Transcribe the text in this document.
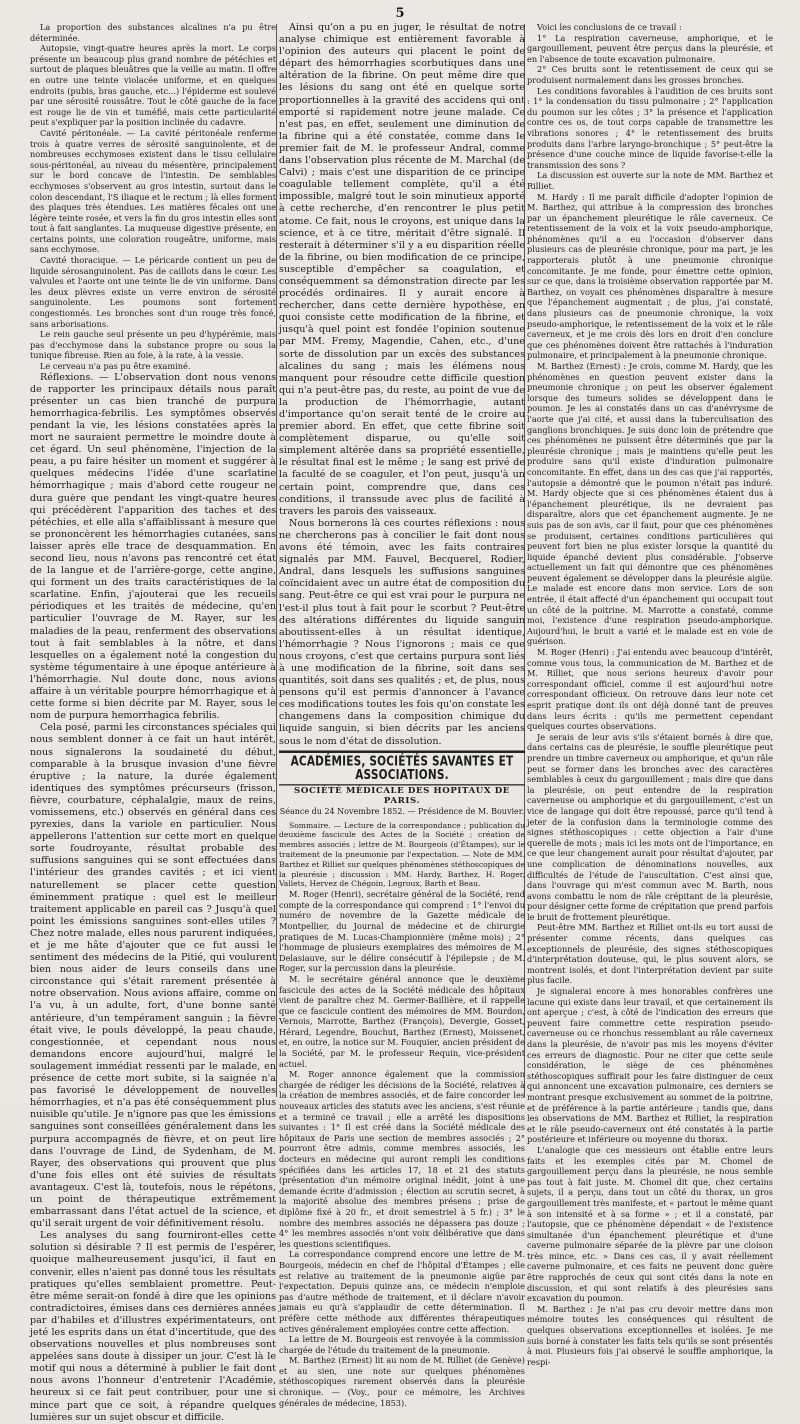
5

La proportion des substances alcalines n'a pu être déterminée.

Autopsie, vingt-quatre heures après la mort. Le corps présente un beaucoup plus grand nombre de pétéchies et surtout de plaques bleuâtres que la veille au matin. Il offre en outre une teinte violacée uniforme, et en quelques endroits (pubis, bras gauche, etc...) l'épiderme est soulevé par une sérosité roussâtre. Tout le côté gauche de la face est rouge lie de vin et tuméfié, mais cette particularité peut s'expliquer par la position inclinée du cadavre.

Cavité péritonéale. — La cavité péritonéale renferme trois à quatre verres de sérosité sanguinolente, et de nombreuses ecchymoses existent dans le tissu cellulaire sous-péritonéal, au niveau du mésentère, principalement sur le bord concave de l'intestin. De semblables ecchymoses s'observent au gros intestin, surtout dans le colon descendant, l'S iliaque et le rectum ; là elles forment des plaques très étendues. Les matières fécales ont une légère teinte rosée, et vers la fin du gros intestin elles sont tout à fait sanglantes. La muqueuse digestive présente, en certains points, une coloration rougeâtre, uniforme, mais sans ecchymose.

Cavité thoracique. — Le péricarde contient un peu de liquide sérosanguinolent. Pas de caillots dans le cœur. Les valvules et l'aorte ont une teinte lie de vin uniforme. Dans les deux plèvres existe un verre environ de sérosité sanguinolente. Les poumons sont fortement congestionnés. Les bronches sont d'un rouge très foncé, sans arborisations.

Le rein gauche seul présente un peu d'hypérémie, mais pas d'ecchymose dans la substance propre ou sous la tunique fibreuse. Rien au foie, à la rate, à la vessie.

Le cerveau n'a pas pu être examiné.

Réflexions. — L'observation dont nous venons de rapporter les principaux détails nous paraît présenter un cas bien tranché de purpura hemorrhagica-febrilis. Les symptômes observés pendant la vie, les lésions constatées après la mort ne sauraient permettre le moindre doute à cet égard. Un seul phénomène, l'injection de la peau, a pu faire hésiter un moment et suggérer à quelques médecins l'idée d'une scarlatine hémorrhagique ; mais d'abord cette rougeur ne dura guère que pendant les vingt-quatre heures qui précédèrent l'apparition des taches et des pétéchies, et elle alla s'affaiblissant à mesure que se prononcèrent les hémorrhagies cutanées, sans laisser après elle trace de desquammation. En second lieu, nous n'avons pas rencontré cet état de la langue et de l'arrière-gorge, cette angine, qui forment un des traits caractéristiques de la scarlatine. Enfin, j'ajouterai que les recueils périodiques et les traités de médecine, qu'en particulier l'ouvrage de M. Rayer, sur les maladies de la peau, renferment des observations tout à fait semblables à la nôtre, et dans lesquelles on a également noté la congestion du système tégumentaire à une époque antérieure à l'hémorrhagie. Nul doute donc, nous avions affaire à un véritable pourpre hémorrhagique et à cette forme si bien décrite par M. Rayer, sous le nom de purpura hemorrhagica febrilis.

Cela posé, parmi les circonstances spéciales qui nous semblent donner à ce fait un haut intérêt, nous signalerons la soudaineté du début, comparable à la brusque invasion d'une fièvre éruptive ; la nature, la durée également identiques des symptômes précurseurs (frisson, fièvre, courbature, céphalalgie, maux de reins, vomissemens, etc.) observés en général dans ces pyrexies, dans la variole en particulier. Nous appellerons l'attention sur cette mort en quelque sorte foudroyante, résultat probable des suffusions sanguines qui se sont effectuées dans l'intérieur des grandes cavités ; et ici vient naturellement se placer cette question éminemment pratique : quel est le meilleur traitement applicable en pareil cas ? Jusqu'à quel point les émissions sanguines sont-elles utiles ? Chez notre malade, elles nous parurent indiquées, et je me hâte d'ajouter que ce fut aussi le sentiment des médecins de la Pitié, qui voulurent bien nous aider de leurs conseils dans une circonstance qui s'était rarement présentée à notre observation. Nous avions affaire, comme on l'a vu, à un adulte, fort, d'une bonne santé antérieure, d'un tempérament sanguin ; la fièvre était vive, le pouls développé, la peau chaude, congestionnée, et cependant nous nous demandons encore aujourd'hui, malgré le soulagement immédiat ressenti par le malade, en présence de cette mort subite, si la saignée n'a pas favorisé le développement de nouvelles hémorrhagies, et n'a pas été conséquemment plus nuisible qu'utile. Je n'ignore pas que les émissions sanguines sont conseillées généralement dans les purpura accompagnés de fièvre, et on peut lire dans l'ouvrage de Lind, de Sydenham, de M. Rayer, des observations qui prouvent que plus d'une fois elles ont été suivies de résultats avantageux. C'est là, toutefois, nous le répétons, un point de thérapeutique extrêmement embarrassant dans l'état actuel de la science, et qu'il serait urgent de voir définitivement résolu.

Les analyses du sang fourniront-elles cette solution si désirable ? Il est permis de l'espérer, quoique malheureusement jusqu'ici, il faut en convenir, elles n'aient pas donné tous les résultats pratiques qu'elles semblaient promettre. Peut-être même serait-on fondé à dire que les opinions contradictoires, émises dans ces dernières années par d'habiles et d'illustres expérimentateurs, ont jeté les esprits dans un état d'incertitude, que des observations nouvelles et plus nombreuses sont appelées sans doute à dissiper un jour. C'est là le motif qui nous a déterminé à publier le fait dont nous avons l'honneur d'entretenir l'Académie, heureux si ce fait peut contribuer, pour une si mince part que ce soit, à répandre quelques lumières sur un sujet obscur et difficile.

Ainsi qu'on a pu en juger, le résultat de notre analyse chimique est entièrement favorable à l'opinion des auteurs qui placent le point de départ des hémorrhagies scorbutiques dans une altération de la fibrine. On peut même dire que les lésions du sang ont été en quelque sorte proportionnelles à la gravité des accidens qui ont emporté si rapidement notre jeune malade. Ce n'est pas, en effet, seulement une diminution de la fibrine qui a été constatée, comme dans le premier fait de M. le professeur Andral, comme dans l'observation plus récente de M. Marchal (de Calvi) ; mais c'est une disparition de ce principe coagulable tellement complète, qu'il a été impossible, malgré tout le soin minutieux apporté à cette recherche, d'en rencontrer le plus petit atome. Ce fait, nous le croyons, est unique dans la science, et à ce titre, méritait d'être signalé. Il resterait à déterminer s'il y a eu disparition réelle de la fibrine, ou bien modification de ce principe, susceptible d'empêcher sa coagulation, et conséquemment sa démonstration directe par les procédés ordinaires. Il y aurait encore à rechercher, dans cette dernière hypothèse, en quoi consiste cette modification de la fibrine, et jusqu'à quel point est fondée l'opinion soutenue par MM. Fremy, Magendie, Cahen, etc., d'une sorte de dissolution par un excès des substances alcalines du sang ; mais les élémens nous manquent pour résoudre cette difficile question qui n'a peut-être pas, du reste, au point de vue de la production de l'hémorrhagie, autant d'importance qu'on serait tenté de le croire au premier abord. En effet, que cette fibrine soit complètement disparue, ou qu'elle soit simplement altérée dans sa propriété essentielle, le résultat final est le même ; le sang est privé de la faculté de se coaguler, et l'on peut, jusqu'à un certain point, comprendre que, dans ces conditions, il transsude avec plus de facilité à travers les parois des vaisseaux.

Nous bornerons là ces courtes réflexions : nous ne chercherons pas à concilier le fait dont nous avons été témoin, avec les faits contraires signalés par MM. Fauvel, Becquerel, Rodier, Andral, dans lesquels les suffusions sanguines coïncidaient avec un autre état de composition du sang. Peut-être ce qui est vrai pour le purpura ne l'est-il plus tout à fait pour le scorbut ? Peut-être des altérations différentes du liquide sanguin aboutissent-elles à un résultat identique, l'hémorrhagie ? Nous l'ignorons ; mais ce que nous croyons, c'est que certains purpura sont liés à une modification de la fibrine, soit dans ses quantités, soit dans ses qualités ; et, de plus, nous pensons qu'il est permis d'annoncer à l'avance ces modifications toutes les fois qu'on constate les changemens dans la composition chimique du liquide sanguin, si bien décrits par les anciens sous le nom d'état de dissolution.

ACADÉMIES, SOCIÉTÉS SAVANTES ET ASSOCIATIONS.
SOCIÉTÉ MÉDICALE DES HOPITAUX DE PARIS.
Séance du 24 Novembre 1852. — Présidence de M. Bouvier.

Sommaire. — Lecture de la correspondance ; publication du deuxième fascicule des Actes de la Société ; création de membres associés ; lettre de M. Bourgeois (d'Étampes), sur le traitement de la pneumonie par l'expectation. — Note de MM. Barthez et Rilliet sur quelques phénomènes stéthoscopiques de la pleurésie ; discussion : MM. Hardy, Barthez, H. Roger, Vallets, Hervez de Chégoin, Legroux, Barth et Beau.

M. Roger (Henri), secrétaire général de la Société, rend compte de la correspondance qui comprend : 1° l'envoi du numéro de novembre de la Gazette médicale de Montpellier, du Journal de médecine et de chirurgie pratiques de M. Lucas-Championnière (même mois) ; 2° l'hommage de plusieurs exemplaires des mémoires de M. Delasiauve, sur le délire consécutif à l'épilepsie ; de M. Roger, sur la percussion dans la pleurésie.

M. le secrétaire général annonce que le deuxième fascicule des actes de la Société médicale des hôpitaux vient de paraître chez M. Germer-Baillière, et il rappelle que ce fascicule contient des mémoires de MM. Bourdon, Vernois, Marrotte, Barthez (François), Devergie, Gosset, Hérard, Legendre, Bouchut, Barthez (Ernest), Moissenet, et, en outre, la notice sur M. Fouquier, ancien président de la Société, par M. le professeur Requin, vice-président actuel.

M. Roger annonce également que la commission chargée de rédiger les décisions de la Société, relatives à la création de membres associés, et de faire concorder les nouveaux articles des statuts avec les anciens, s'est réunie et a terminé ce travail ; elle a arrêté les dispositions suivantes : 1° Il est créé dans la Société médicale des hôpitaux de Paris une section de membres associés ; 2° pourront être admis, comme membres associés, les docteurs en médecine qui auront rempli les conditions spécifiées dans les articles 17, 18 et 21 des statuts (présentation d'un mémoire original inédit, joint à une demande écrite d'admission ; élection au scrutin secret, à la majorité absolue des membres présens ; prise de diplôme fixé à 20 fr., et droit semestriel à 5 fr.) ; 3° le nombre des membres associés ne dépassera pas douze ; 4° les membres associés n'ont voix délibérative que dans les questions scientifiques.

La correspondance comprend encore une lettre de M. Bourgeois, médecin en chef de l'hôpital d'Étampes ; elle est relative au traitement de la pneumonie aigüe par l'expectation. Depuis quinze ans, ce médecin n'emploie pas d'autre méthode de traitement, et il déclare n'avoir jamais eu qu'à s'applaudir de cette détermination. Il préfère cette méthode aux différentes thérapeutiques actives généralement employées contre cette affection.

La lettre de M. Bourgeois est renvoyée à la commission chargée de l'étude du traitement de la pneumonie.

M. Barthez (Ernest) lit au nom de M. Rilliet (de Genève) et au sien, une note sur quelques phénomènes stéthoscopiques rarement observés dans la pleurésie chronique. — (Voy., pour ce mémoire, les Archives générales de médecine, 1853).

Voici les conclusions de ce travail :

1° La respiration caverneuse, amphorique, et le gargouillement, peuvent être perçus dans la pleurésie, et en l'absence de toute excavation pulmonaire.

2° Ces bruits sont le retentissement de ceux qui se produisent normalement dans les grosses bronches.

Les conditions favorables à l'audition de ces bruits sont : 1° la condensation du tissu pulmonaire ; 2° l'application du poumon sur les côtes ; 3° la présence et l'application contre ces os, de tout corps capable de transmettre les vibrations sonores ; 4° le retentissement des bruits produits dans l'arbre laryngo-bronchique ; 5° peut-être la présence d'une couche mince de liquide favorise-t-elle la transmission des sons ?

La discussion est ouverte sur la note de MM. Barthez et Rilliet.

M. Hardy : Il me paraît difficile d'adopter l'opinion de M. Barthez, qui attribue à la compression des bronches par un épanchement pleurétique le râle caverneux. Ce retentissement de la voix et la voix pseudo-amphorique, phénomènes qu'il a eu l'occasion d'observer dans plusieurs cas de pleurésie chronique, pour ma part, je les rapporterais plutôt à une pneumonie chronique concomitante. Je me fonde, pour émettre cette opinion, sur ce que, dans la troisième observation rapportée par M. Barthez, on voyait ces phénomènes disparaître à mesure que l'épanchement augmentait ; de plus, j'ai constaté, dans plusieurs cas de pneumonie chronique, la voix pseudo-amphorique, le retentissement de la voix et le râle caverneux, et je me crois dès lors en droit d'en conclure que ces phénomènes doivent être rattachés à l'induration pulmonaire, et principalement à la pneumonie chronique.

M. Barthez (Ernest) : Je crois, comme M. Hardy, que les phénomènes en question peuvent exister dans la pneumonie chronique ; on peut les observer également lorsque des tumeurs solides se développent dans le poumon. Je les ai constatés dans un cas d'anévrysme de l'aorte que j'ai cité, et aussi dans la tuberculisation des ganglions bronchiques. Je suis donc loin de prétendre que ces phénomènes ne puissent être déterminés que par la pleurésie chronique ; mais je maintiens qu'elle peut les produire sans qu'il existe d'induration pulmonaire concomitante. En effet, dans un des cas que j'ai rapportés, l'autopsie a démontré que le poumon n'était pas induré. M. Hardy objecte que si ces phénomènes étaient dus à l'épanchement pleurétique, ils ne devraient pas disparaître, alors que cet épanchement augmente. Je ne suis pas de son avis, car il faut, pour que ces phénomènes se produisent, certaines conditions particulières qui peuvent fort bien ne plus exister lorsque la quantité du liquide épanché devient plus considérable. J'observe actuellement un fait qui démontre que ces phénomènes peuvent également se développer dans la pleurésie aigüe. Le malade est encore dans mon service. Lors de son entrée, il était affecté d'un épanchement qui occupait tout un côté de la poitrine. M. Marrotte a constaté, comme moi, l'existence d'une respiration pseudo-amphorique. Aujourd'hui, le bruit a varié et le malade est en voie de guérison.

M. Roger (Henri) : J'ai entendu avec beaucoup d'intérêt, comme vous tous, la communication de M. Barthez et de M. Rilliet, que nous serions heureux d'avoir pour correspondant officiel, comme il est aujourd'hui notre correspondant officieux. On retrouve dans leur note cet esprit pratique dont ils ont déjà donné tant de preuves dans leurs écrits : qu'ils me permettent cependant quelques courtes observations.

Je serais de leur avis s'ils s'étaient bornés à dire que, dans certains cas de pleurésie, le souffle pleurétique peut prendre un timbre caverneux ou amphorique, et qu'un râle peut se former dans les bronches avec des caractères semblables à ceux du gargouillement ; mais dire que dans la pleurésie, on peut entendre de la respiration caverneuse ou amphorique et du gargouillement, c'est un vice de langage qui doit être repoussé, parce qu'il tend à jeter de la confusion dans la terminologie comme des signes stéthoscopiques : cette objection a l'air d'une querelle de mots ; mais ici les mots ont de l'importance, en ce que leur changement aurait pour résultat d'ajouter, par une complication de dénominations nouvelles, aux difficultés de l'étude de l'auscultation. C'est ainsi que, dans l'ouvrage qui m'est commun avec M. Barth, nous avons combattu le nom de râle crépitant de la pleurésie, pour désigner cette forme de crépitation que prend parfois le bruit de frottement pleurétique.

Peut-être MM. Barthez et Rilliet ont-ils eu tort aussi de présenter comme récents, dans quelques cas exceptionnels de pleurésie, des signes stéthoscopiques d'interprétation douteuse, qui, le plus souvent alors, se montrent isolés, et dont l'interprétation devient par suite plus facile.

Je signalerai encore à mes honorables confrères une lacune qui existe dans leur travail, et que certainement ils ont aperçue ; c'est, à côté de l'indication des erreurs que peuvent faire commettre cette respiration pseudo-caverneuse ou ce rhonchus ressemblant au râle caverneux dans la pleurésie, de n'avoir pas mis les moyens d'éviter ces erreurs de diagnostic. Pour ne citer que cette seule considération, le siège de ces phénomènes stéthoscopiques suffirait pour les faire distinguer de ceux qui annoncent une excavation pulmonaire, ces derniers se montrant presque exclusivement au sommet de la poitrine, et de préférence à la partie antérieure ; tandis que, dans les observations de MM. Barthez et Rilliet, la respiration et le râle pseudo-caverneux ont été constatés à la partie postérieure et inférieure ou moyenne du thorax.

L'analogie que ces messieurs ont établie entre leurs faits et les exemples cités par M. Chomel de gargouillement perçu dans la pleurésie, ne nous semble pas tout à fait juste. M. Chomel dit que, chez certains sujets, il a perçu, dans tout un côté du thorax, un gros gargouillement très manifeste, et « partout le même quant à son intensité et à sa forme » ; et il a constaté, par l'autopsie, que ce phénomène dépendait « de l'existence simultanée d'un épanchement pleurétique et d'une caverne pulmonaire séparée de la plèvre par une cloison très mince, etc. » Dans ces cas, il y avait réellement caverne pulmonaire, et ces faits ne peuvent donc guère être rapprochés de ceux qui sont cités dans la note en discussion, et qui sont relatifs à des pleurésies sans excavation du poumon.

M. Barthez : Je n'ai pas cru devoir mettre dans mon mémoire toutes les conséquences qui résultent de quelques observations exceptionnelles et isolées. Je me suis borné à constater les faits tels qu'ils se sont présentés à moi. Plusieurs fois j'ai observé le souffle amphorique, la respi-
